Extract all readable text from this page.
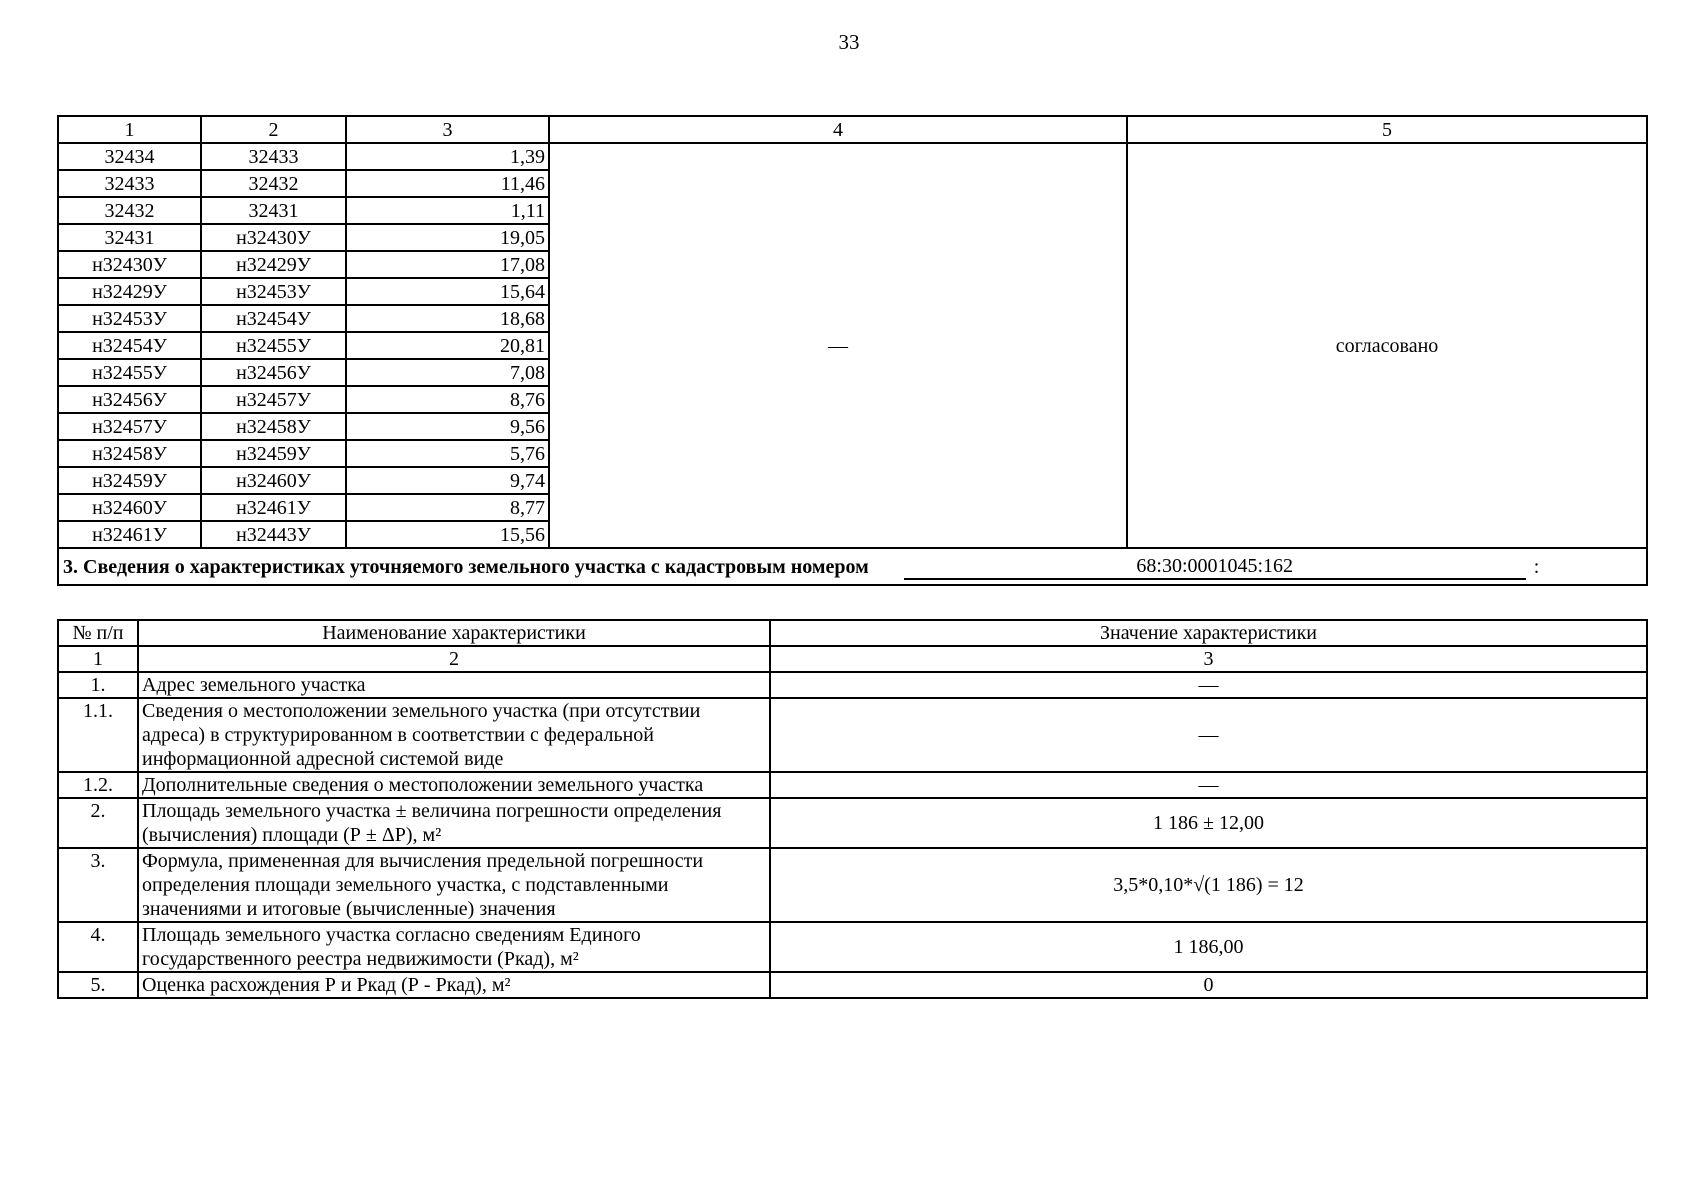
33
1	2	3	4	5
32434	32433	1,39	—	согласовано
32433	32432	11,46		
32432	32431	1,11		
32431	н32430У	19,05		
н32430У	н32429У	17,08		
н32429У	н32453У	15,64		
н32453У	н32454У	18,68		
н32454У	н32455У	20,81		
н32455У	н32456У	7,08		
н32456У	н32457У	8,76		
н32457У	н32458У	9,56		
н32458У	н32459У	5,76		
н32459У	н32460У	9,74		
н32460У	н32461У	8,77		
н32461У	н32443У	15,56		

3. Сведения о характеристиках уточняемого земельного участка с кадастровым номером 68:30:0001045:162 :				
№ п/п	Наименование характеристики	Значение характеристики
1	2	3
1.	Адрес земельного участка	—
1.1.	Сведения о местоположении земельного участка (при отсутствии адреса) в структурированном в соответствии с федеральной информационной адресной системой виде	—
1.2.	Дополнительные сведения о местоположении земельного участка	—
2.	Площадь земельного участка ± величина погрешности определения (вычисления) площади (Р ± ΔР), м²	1 186 ± 12,00
3.	Формула, примененная для вычисления предельной погрешности определения площади земельного участка, с подставленными значениями и итоговые (вычисленные) значения	3,5*0,10*√(1 186) = 12
4.	Площадь земельного участка согласно сведениям Единого государственного реестра недвижимости (Ркад), м²	1 186,00
5.	Оценка расхождения Р и Ркад (Р - Ркад), м²	0
